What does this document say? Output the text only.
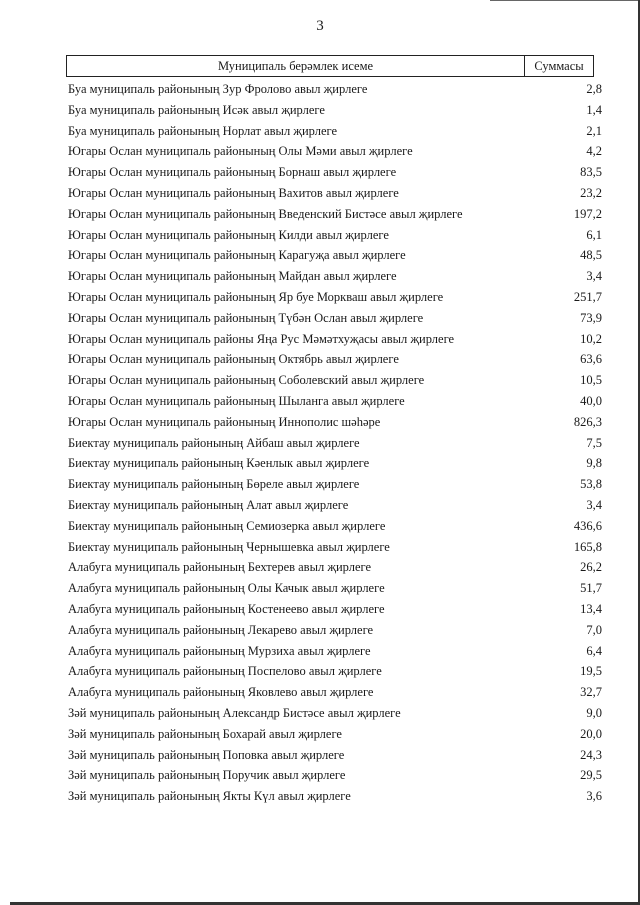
3
Муниципаль берәмлек исеме	Суммасы
Буа муниципаль районының Зур Фролово авыл җирлеге	2,8
Буа муниципаль районының Исәк авыл җирлеге	1,4
Буа муниципаль районының Норлат авыл җирлеге	2,1
Югары Ослан муниципаль районының Олы Мәми авыл җирлеге	4,2
Югары Ослан муниципаль районының Борнаш авыл җирлеге	83,5
Югары Ослан муниципаль районының Вахитов авыл җирлеге	23,2
Югары Ослан муниципаль районының Введенский Бистәсе авыл җирлеге	197,2
Югары Ослан муниципаль районының Килди авыл җирлеге	6,1
Югары Ослан муниципаль районының Карагуҗа авыл җирлеге	48,5
Югары Ослан муниципаль районының Майдан авыл җирлеге	3,4
Югары Ослан муниципаль районының Яр буе Моркваш авыл җирлеге	251,7
Югары Ослан муниципаль районының Түбән Ослан авыл җирлеге	73,9
Югары Ослан муниципаль районы Яңа Рус Мәмәтхуҗасы авыл җирлеге	10,2
Югары Ослан муниципаль районының Октябрь авыл җирлеге	63,6
Югары Ослан муниципаль районының Соболевский авыл җирлеге	10,5
Югары Ослан муниципаль районының Шыланга авыл җирлеге	40,0
Югары Ослан муниципаль районының Иннополис шәһәре	826,3
Биектау муниципаль районының Айбаш авыл җирлеге	7,5
Биектау муниципаль районының Кәенлык авыл җирлеге	9,8
Биектау муниципаль районының Бөреле авыл җирлеге	53,8
Биектау муниципаль районының Алат авыл җирлеге	3,4
Биектау муниципаль районының Семиозерка авыл җирлеге	436,6
Биектау муниципаль районының Чернышевка авыл җирлеге	165,8
Алабуга муниципаль районының Бехтерев авыл җирлеге	26,2
Алабуга муниципаль районының Олы Качык авыл җирлеге	51,7
Алабуга муниципаль районының Костенеево авыл җирлеге	13,4
Алабуга муниципаль районының Лекарево авыл җирлеге	7,0
Алабуга муниципаль районының Мурзиха авыл җирлеге	6,4
Алабуга муниципаль районының Поспелово авыл җирлеге	19,5
Алабуга муниципаль районының Яковлево авыл җирлеге	32,7
Зәй муниципаль районының Александр Бистәсе авыл җирлеге	9,0
Зәй муниципаль районының Бохарай авыл җирлеге	20,0
Зәй муниципаль районының Поповка авыл җирлеге	24,3
Зәй муниципаль районының Поручик авыл җирлеге	29,5
Зәй муниципаль районының Якты Күл авыл җирлеге	3,6
